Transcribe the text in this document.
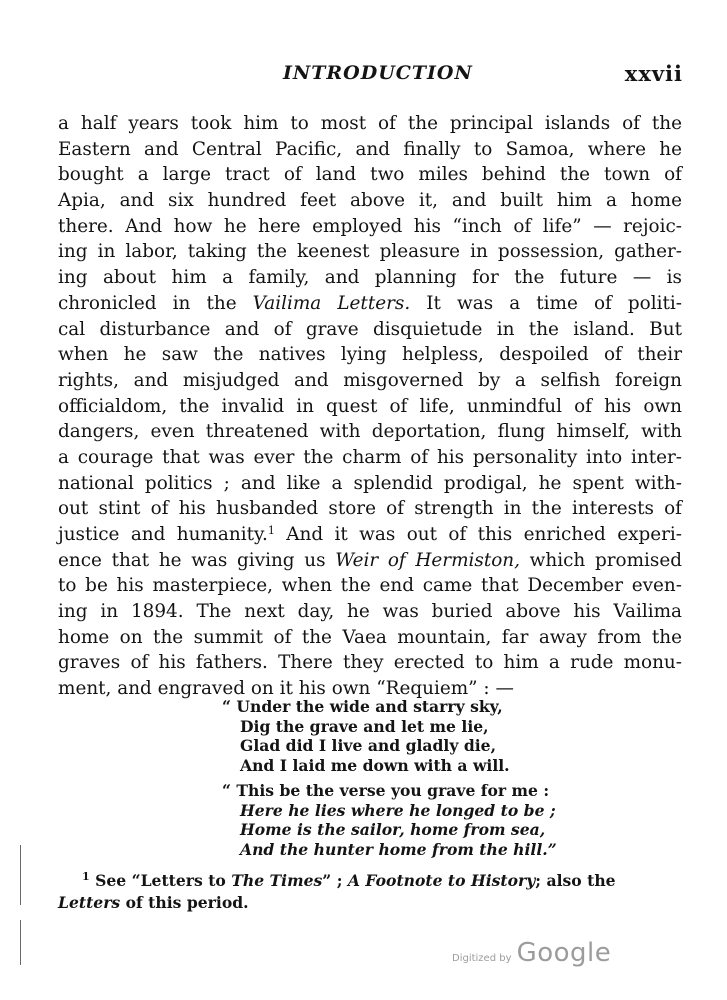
INTRODUCTION	xxvii
a half years took him to most of the principal islands of the
Eastern and Central Pacific, and finally to Samoa, where he
bought a large tract of land two miles behind the town of
Apia, and six hundred feet above it, and built him a home
there. And how he here employed his “inch of life” — rejoic-
ing in labor, taking the keenest pleasure in possession, gather-
ing about him a family, and planning for the future — is
chronicled in the Vailima Letters. It was a time of politi-
cal disturbance and of grave disquietude in the island. But
when he saw the natives lying helpless, despoiled of their
rights, and misjudged and misgoverned by a selfish foreign
officialdom, the invalid in quest of life, unmindful of his own
dangers, even threatened with deportation, flung himself, with
a courage that was ever the charm of his personality into inter-
national politics ; and like a splendid prodigal, he spent with-
out stint of his husbanded store of strength in the interests of
justice and humanity.$^1$ And it was out of this enriched experi-
ence that he was giving us Weir of Hermiston, which promised
to be his masterpiece, when the end came that December even-
ing in 1894. The next day, he was buried above his Vailima
home on the summit of the Vaea mountain, far away from the
graves of his fathers. There they erected to him a rude monu-
ment, and engraved on it his own “Requiem” : —
“ Under the wide and starry sky,
Dig the grave and let me lie,
Glad did I live and gladly die,
And I laid me down with a will.
“ This be the verse you grave for me :
Here he lies where he longed to be ;
Home is the sailor, home from sea,
And the hunter home from the hill.”
$^1$ See “Letters to The Times” ; A Footnote to History; also the
Letters of this period.
Digitized by Google
